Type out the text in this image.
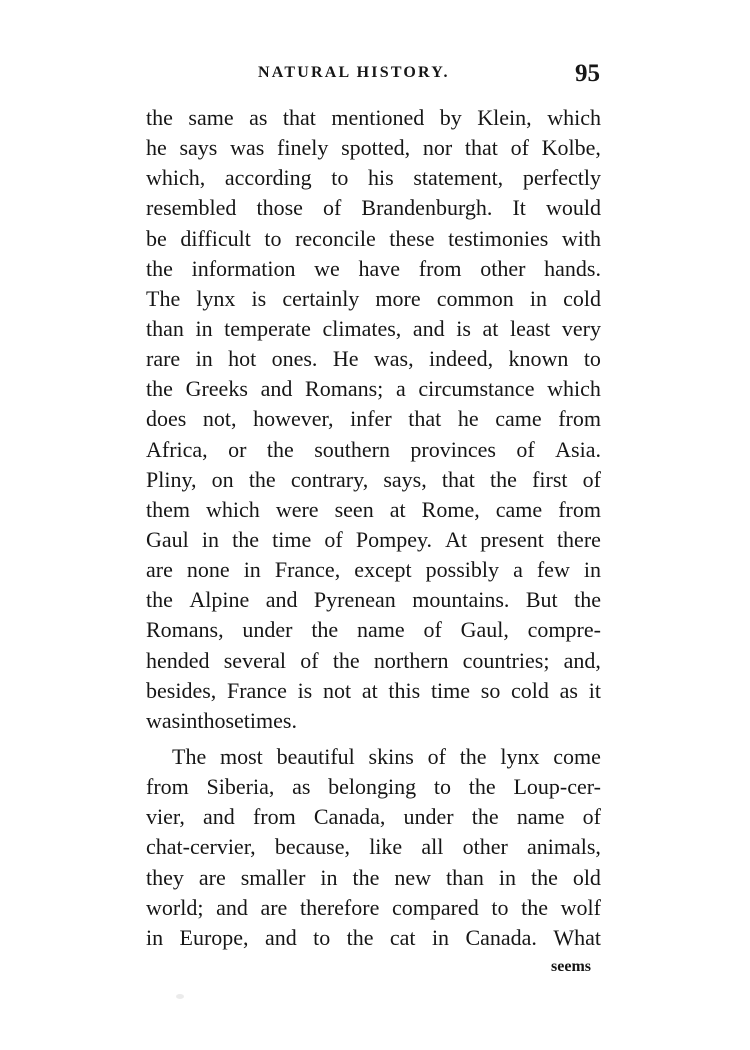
NATURAL HISTORY.	95
the same as that mentioned by Klein, which
he says was finely spotted, nor that of Kolbe,
which, according to his statement, perfectly
resembled those of Brandenburgh. It would
be difficult to reconcile these testimonies with
the information we have from other hands.
The lynx is certainly more common in cold
than in temperate climates, and is at least very
rare in hot ones. He was, indeed, known to
the Greeks and Romans; a circumstance which
does not, however, infer that he came from
Africa, or the southern provinces of Asia.
Pliny, on the contrary, says, that the first of
them which were seen at Rome, came from
Gaul in the time of Pompey. At present there
are none in France, except possibly a few in
the Alpine and Pyrenean mountains. But the
Romans, under the name of Gaul, compre-
hended several of the northern countries; and,
besides, France is not at this time so cold as it
was in those times.
The most beautiful skins of the lynx come
from Siberia, as belonging to the Loup-cer-
vier, and from Canada, under the name of
chat-cervier, because, like all other animals,
they are smaller in the new than in the old
world; and are therefore compared to the wolf
in Europe, and to the cat in Canada. What
seems
